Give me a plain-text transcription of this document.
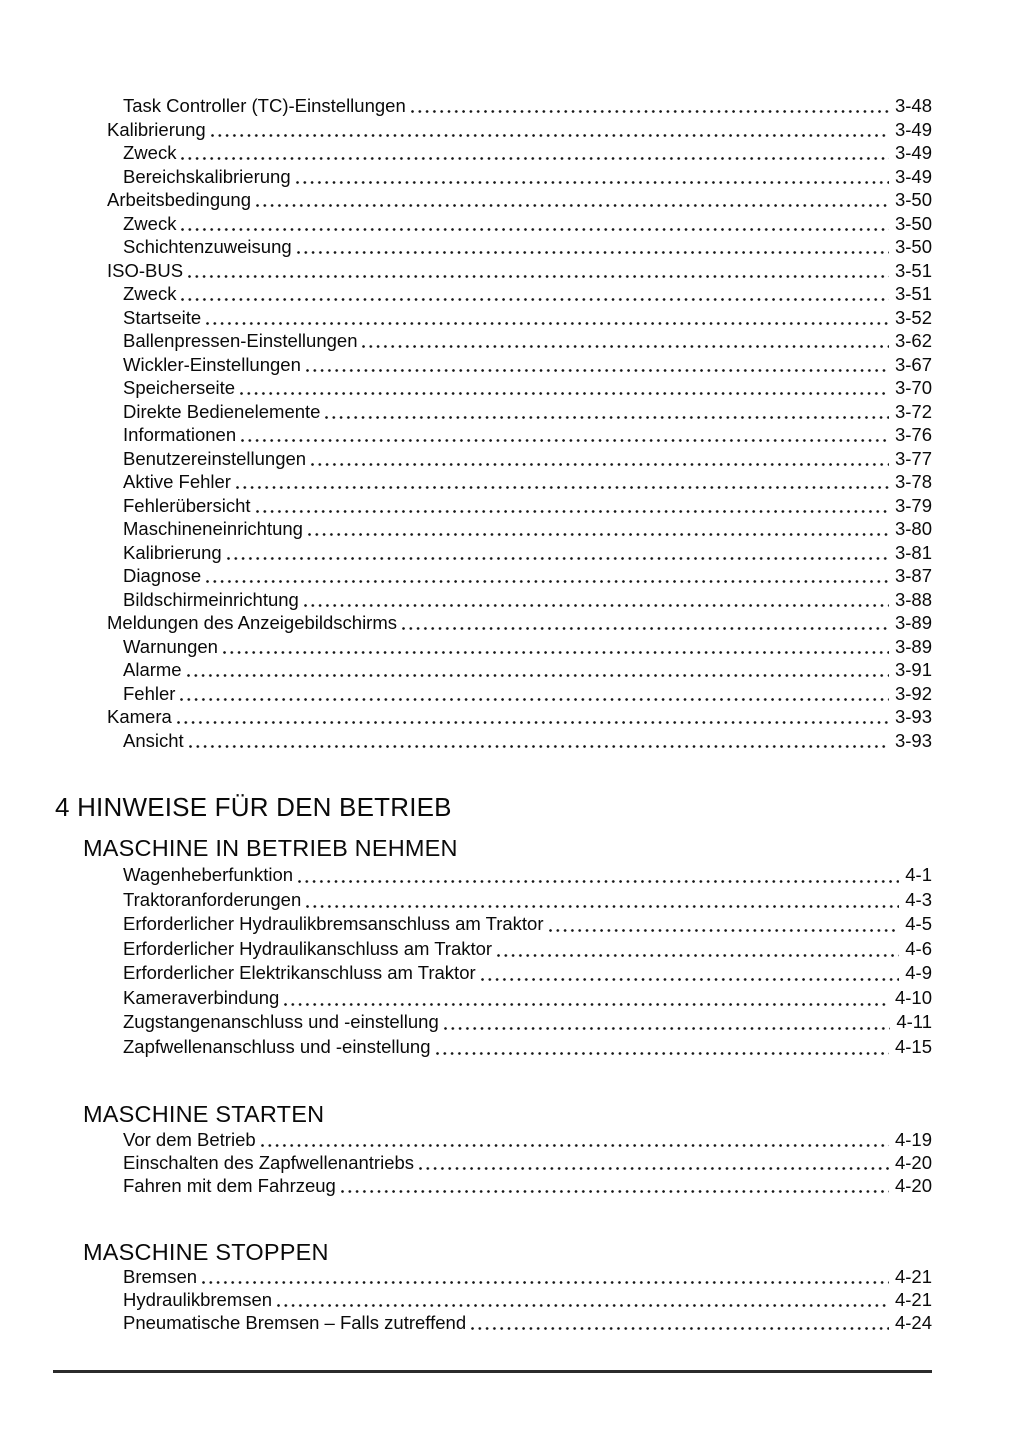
Task Controller (TC)-Einstellungen	3-48
Kalibrierung	3-49
Zweck	3-49
Bereichskalibrierung	3-49
Arbeitsbedingung	3-50
Zweck	3-50
Schichtenzuweisung	3-50
ISO-BUS	3-51
Zweck	3-51
Startseite	3-52
Ballenpressen-Einstellungen	3-62
Wickler-Einstellungen	3-67
Speicherseite	3-70
Direkte Bedienelemente	3-72
Informationen	3-76
Benutzereinstellungen	3-77
Aktive Fehler	3-78
Fehlerübersicht	3-79
Maschineneinrichtung	3-80
Kalibrierung	3-81
Diagnose	3-87
Bildschirmeinrichtung	3-88
Meldungen des Anzeigebildschirms	3-89
Warnungen	3-89
Alarme	3-91
Fehler	3-92
Kamera	3-93
Ansicht	3-93
4 HINWEISE FÜR DEN BETRIEB
MASCHINE IN BETRIEB NEHMEN
Wagenheberfunktion	4-1
Traktoranforderungen	4-3
Erforderlicher Hydraulikbremsanschluss am Traktor	4-5
Erforderlicher Hydraulikanschluss am Traktor	4-6
Erforderlicher Elektrikanschluss am Traktor	4-9
Kameraverbindung	4-10
Zugstangenanschluss und -einstellung	4-11
Zapfwellenanschluss und -einstellung	4-15
MASCHINE STARTEN
Vor dem Betrieb	4-19
Einschalten des Zapfwellenantriebs	4-20
Fahren mit dem Fahrzeug	4-20
MASCHINE STOPPEN
Bremsen	4-21
Hydraulikbremsen	4-21
Pneumatische Bremsen – Falls zutreffend	4-24
